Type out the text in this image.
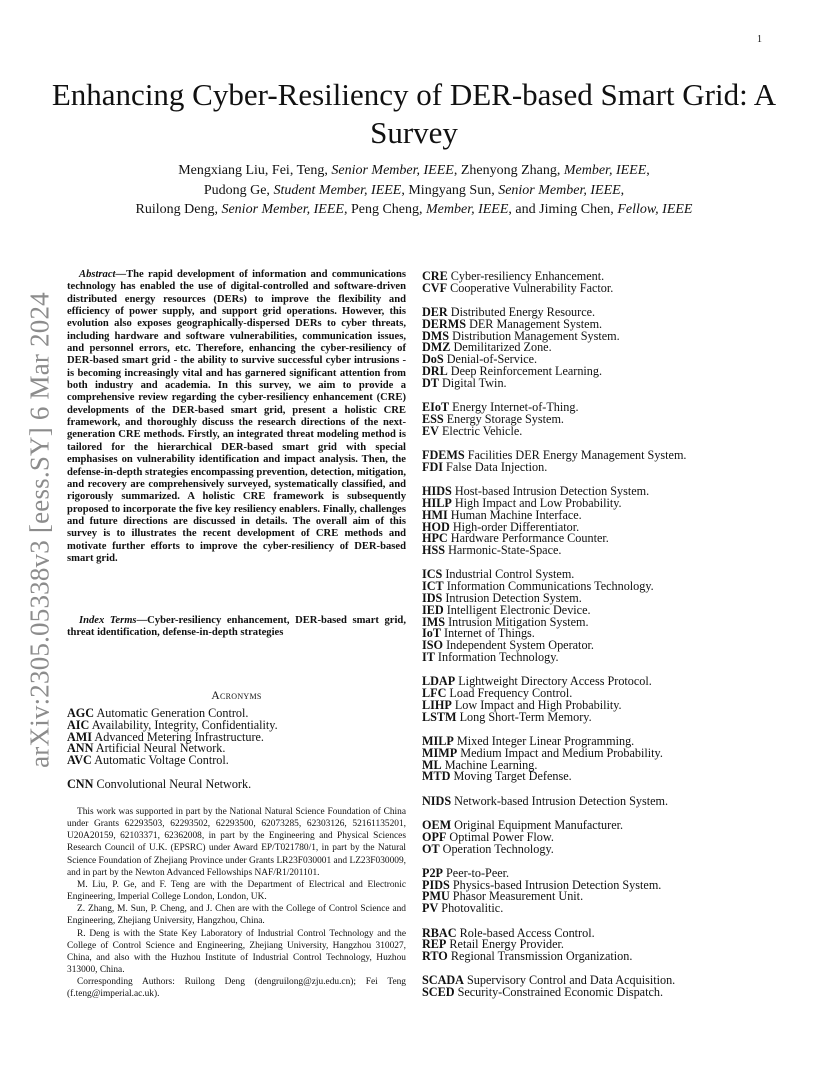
1
arXiv:2305.05338v3 [eess.SY] 6 Mar 2024
Enhancing Cyber-Resiliency of DER-based Smart Grid: A Survey
Mengxiang Liu, Fei, Teng, Senior Member, IEEE, Zhenyong Zhang, Member, IEEE,
Pudong Ge, Student Member, IEEE, Mingyang Sun, Senior Member, IEEE,
Ruilong Deng, Senior Member, IEEE, Peng Cheng, Member, IEEE, and Jiming Chen, Fellow, IEEE

Abstract—The rapid development of information and communications technology has enabled the use of digital-controlled and software-driven distributed energy resources (DERs) to improve the flexibility and efficiency of power supply, and support grid operations. However, this evolution also exposes geographically-dispersed DERs to cyber threats, including hardware and software vulnerabilities, communication issues, and personnel errors, etc. Therefore, enhancing the cyber-resiliency of DER-based smart grid - the ability to survive successful cyber intrusions - is becoming increasingly vital and has garnered significant attention from both industry and academia. In this survey, we aim to provide a comprehensive review regarding the cyber-resiliency enhancement (CRE) developments of the DER-based smart grid, present a holistic CRE framework, and thoroughly discuss the research directions of the next-generation CRE methods. Firstly, an integrated threat modeling method is tailored for the hierarchical DER-based smart grid with special emphasises on vulnerability identification and impact analysis. Then, the defense-in-depth strategies encompassing prevention, detection, mitigation, and recovery are comprehensively surveyed, systematically classified, and rigorously summarized. A holistic CRE framework is subsequently proposed to incorporate the five key resiliency enablers. Finally, challenges and future directions are discussed in details. The overall aim of this survey is to illustrates the recent development of CRE methods and motivate further efforts to improve the cyber-resiliency of DER-based smart grid.

Index Terms—Cyber-resiliency enhancement, DER-based smart grid, threat identification, defense-in-depth strategies

Acronyms
AGC Automatic Generation Control.
AIC Availability, Integrity, Confidentiality.
AMI Advanced Metering Infrastructure.
ANN Artificial Neural Network.
AVC Automatic Voltage Control.
CNN Convolutional Neural Network.
CRE Cyber-resiliency Enhancement.
CVF Cooperative Vulnerability Factor.
DER Distributed Energy Resource.
DERMS DER Management System.
DMS Distribution Management System.
DMZ Demilitarized Zone.
DoS Denial-of-Service.
DRL Deep Reinforcement Learning.
DT Digital Twin.
EIoT Energy Internet-of-Thing.
ESS Energy Storage System.
EV Electric Vehicle.
FDEMS Facilities DER Energy Management System.
FDI False Data Injection.
HIDS Host-based Intrusion Detection System.
HILP High Impact and Low Probability.
HMI Human Machine Interface.
HOD High-order Differentiator.
HPC Hardware Performance Counter.
HSS Harmonic-State-Space.
ICS Industrial Control System.
ICT Information Communications Technology.
IDS Intrusion Detection System.
IED Intelligent Electronic Device.
IMS Intrusion Mitigation System.
IoT Internet of Things.
ISO Independent System Operator.
IT Information Technology.
LDAP Lightweight Directory Access Protocol.
LFC Load Frequency Control.
LIHP Low Impact and High Probability.
LSTM Long Short-Term Memory.
MILP Mixed Integer Linear Programming.
MIMP Medium Impact and Medium Probability.
ML Machine Learning.
MTD Moving Target Defense.
NIDS Network-based Intrusion Detection System.
OEM Original Equipment Manufacturer.
OPF Optimal Power Flow.
OT Operation Technology.
P2P Peer-to-Peer.
PIDS Physics-based Intrusion Detection System.
PMU Phasor Measurement Unit.
PV Photovalitic.
RBAC Role-based Access Control.
REP Retail Energy Provider.
RTO Regional Transmission Organization.
SCADA Supervisory Control and Data Acquisition.
SCED Security-Constrained Economic Dispatch.

This work was supported in part by the National Natural Science Foundation of China under Grants 62293503, 62293502, 62293500, 62073285, 62303126, 52161135201, U20A20159, 62103371, 62362008, in part by the Engineering and Physical Sciences Research Council of U.K. (EPSRC) under Award EP/T021780/1, in part by the Natural Science Foundation of Zhejiang Province under Grants LR23F030001 and LZ23F030009, and in part by the Newton Advanced Fellowships NAF/R1/201101.

M. Liu, P. Ge, and F. Teng are with the Department of Electrical and Electronic Engineering, Imperial College London, London, UK.

Z. Zhang, M. Sun, P. Cheng, and J. Chen are with the College of Control Science and Engineering, Zhejiang University, Hangzhou, China.

R. Deng is with the State Key Laboratory of Industrial Control Technology and the College of Control Science and Engineering, Zhejiang University, Hangzhou 310027, China, and also with the Huzhou Institute of Industrial Control Technology, Huzhou 313000, China.

Corresponding Authors: Ruilong Deng (dengruilong@zju.edu.cn); Fei Teng (f.teng@imperial.ac.uk).
